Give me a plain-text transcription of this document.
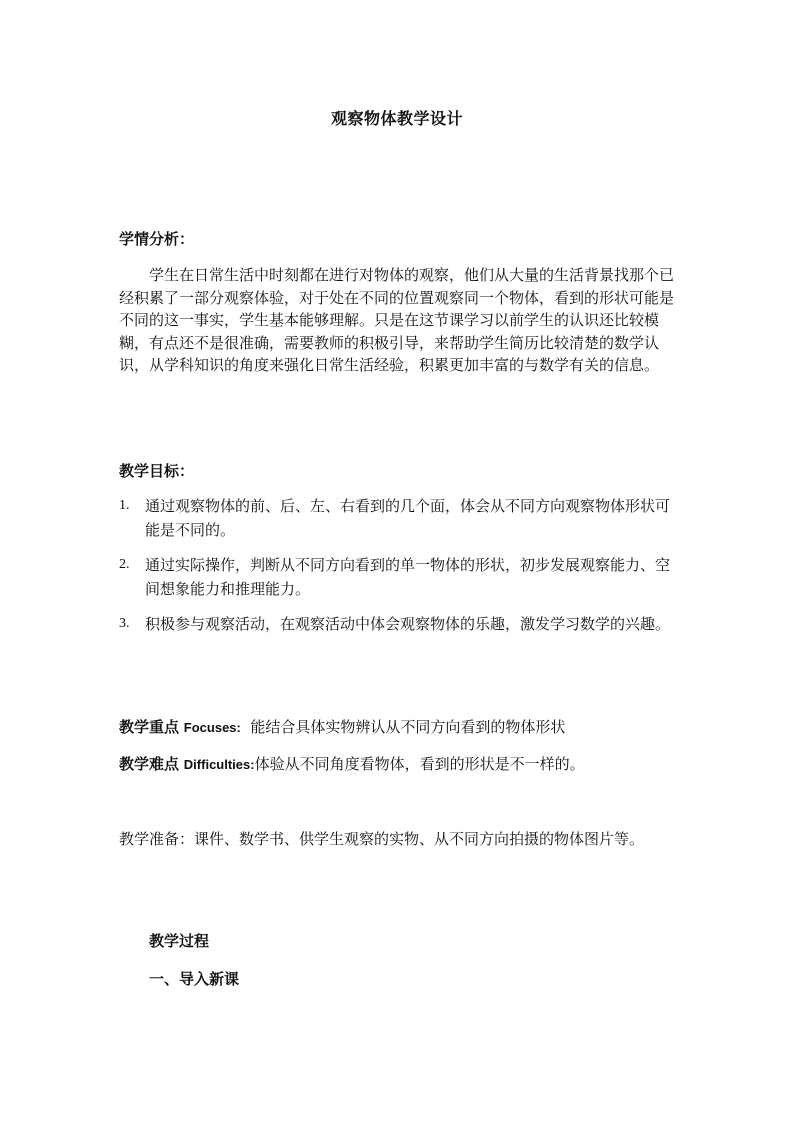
观察物体教学设计
学情分析：
学生在日常生活中时刻都在进行对物体的观察，他们从大量的生活背景找那个已经积累了一部分观察体验，对于处在不同的位置观察同一个物体，看到的形状可能是不同的这一事实，学生基本能够理解。只是在这节课学习以前学生的认识还比较模糊，有点还不是很准确，需要教师的积极引导，来帮助学生简历比较清楚的数学认识，从学科知识的角度来强化日常生活经验，积累更加丰富的与数学有关的信息。
教学目标：
1. 通过观察物体的前、后、左、右看到的几个面，体会从不同方向观察物体形状可能是不同的。
2. 通过实际操作，判断从不同方向看到的单一物体的形状，初步发展观察能力、空间想象能力和推理能力。
3. 积极参与观察活动，在观察活动中体会观察物体的乐趣，激发学习数学的兴趣。
教学重点 Focuses: 能结合具体实物辨认从不同方向看到的物体形状
教学难点 Difficulties:体验从不同角度看物体，看到的形状是不一样的。
教学准备：课件、数学书、供学生观察的实物、从不同方向拍摄的物体图片等。
教学过程
一、导入新课
